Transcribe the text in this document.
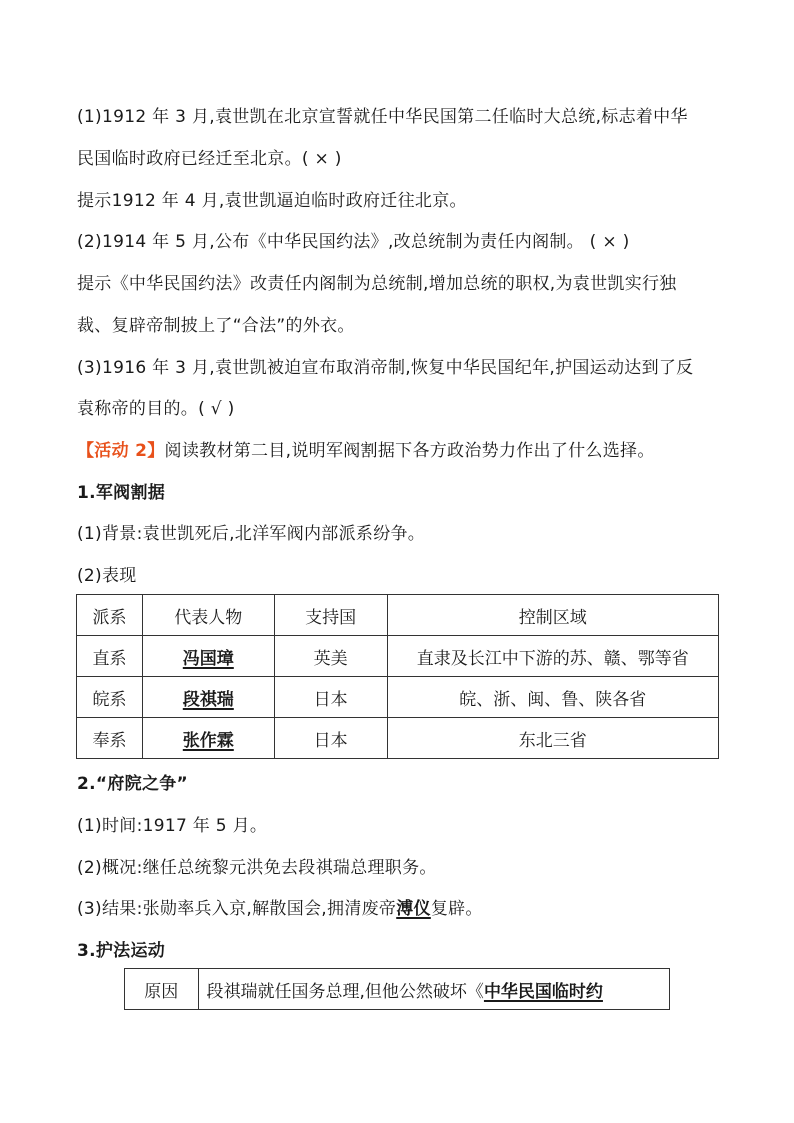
(1)1912 年 3 月,袁世凯在北京宣誓就任中华民国第二任临时大总统,标志着中华
民国临时政府已经迁至北京。( × )
提示1912 年 4 月,袁世凯逼迫临时政府迁往北京。
(2)1914 年 5 月,公布《中华民国约法》,改总统制为责任内阁制。 ( × )
提示《中华民国约法》改责任内阁制为总统制,增加总统的职权,为袁世凯实行独
裁、复辟帝制披上了“合法”的外衣。
(3)1916 年 3 月,袁世凯被迫宣布取消帝制,恢复中华民国纪年,护国运动达到了反
袁称帝的目的。( √ )
【活动 2】阅读教材第二目,说明军阀割据下各方政治势力作出了什么选择。
1.军阀割据
(1)背景:袁世凯死后,北洋军阀内部派系纷争。
(2)表现
派系	代表人物	支持国	控制区域
直系	冯国璋	英美	直隶及长江中下游的苏、赣、鄂等省
皖系	段祺瑞	日本	皖、浙、闽、鲁、陕各省
奉系	张作霖	日本	东北三省
2.“府院之争”
(1)时间:1917 年 5 月。
(2)概况:继任总统黎元洪免去段祺瑞总理职务。
(3)结果:张勋率兵入京,解散国会,拥清废帝溥仪复辟。
3.护法运动
原因	段祺瑞就任国务总理,但他公然破坏《中华民国临时约
